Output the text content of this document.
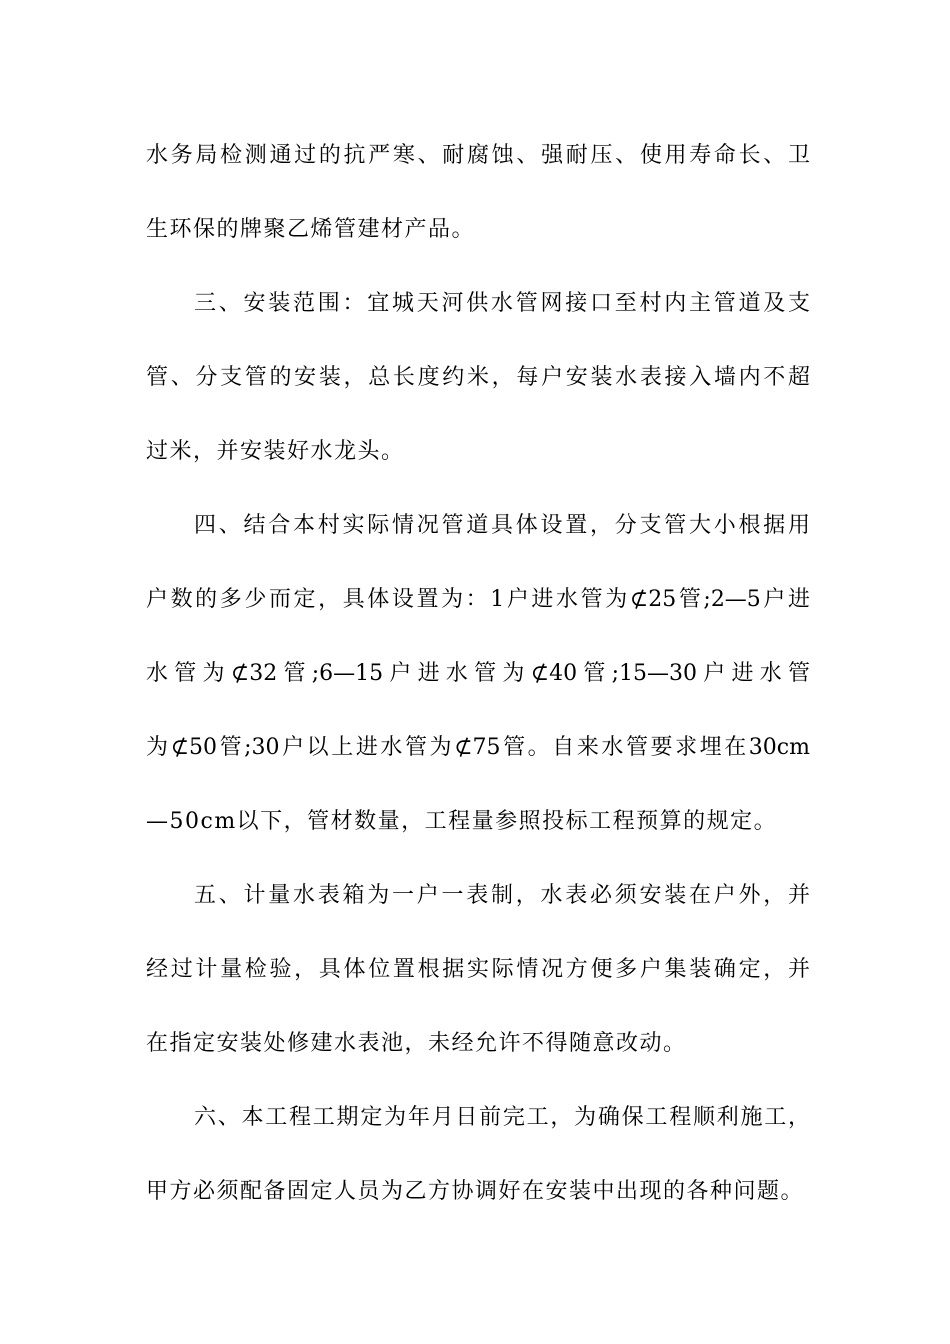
水务局检测通过的抗严寒、耐腐蚀、强耐压、使用寿命长、卫
生环保的牌聚乙烯管建材产品。
三、安装范围：宜城天河供水管网接口至村内主管道及支
管、分支管的安装，总长度约米，每户安装水表接入墙内不超
过米，并安装好水龙头。
四、结合本村实际情况管道具体设置，分支管大小根据用
户数的多少而定，具体设置为：1户进水管为⊄25管;2—5户进
水管为⊄32管;6—15户进水管为⊄40管;15—30户进水管
为⊄50管;30户以上进水管为⊄75管。自来水管要求埋在30cm
—50cm以下，管材数量，工程量参照投标工程预算的规定。
五、计量水表箱为一户一表制，水表必须安装在户外，并
经过计量检验，具体位置根据实际情况方便多户集装确定，并
在指定安装处修建水表池，未经允许不得随意改动。
六、本工程工期定为年月日前完工，为确保工程顺利施工，
甲方必须配备固定人员为乙方协调好在安装中出现的各种问题。
